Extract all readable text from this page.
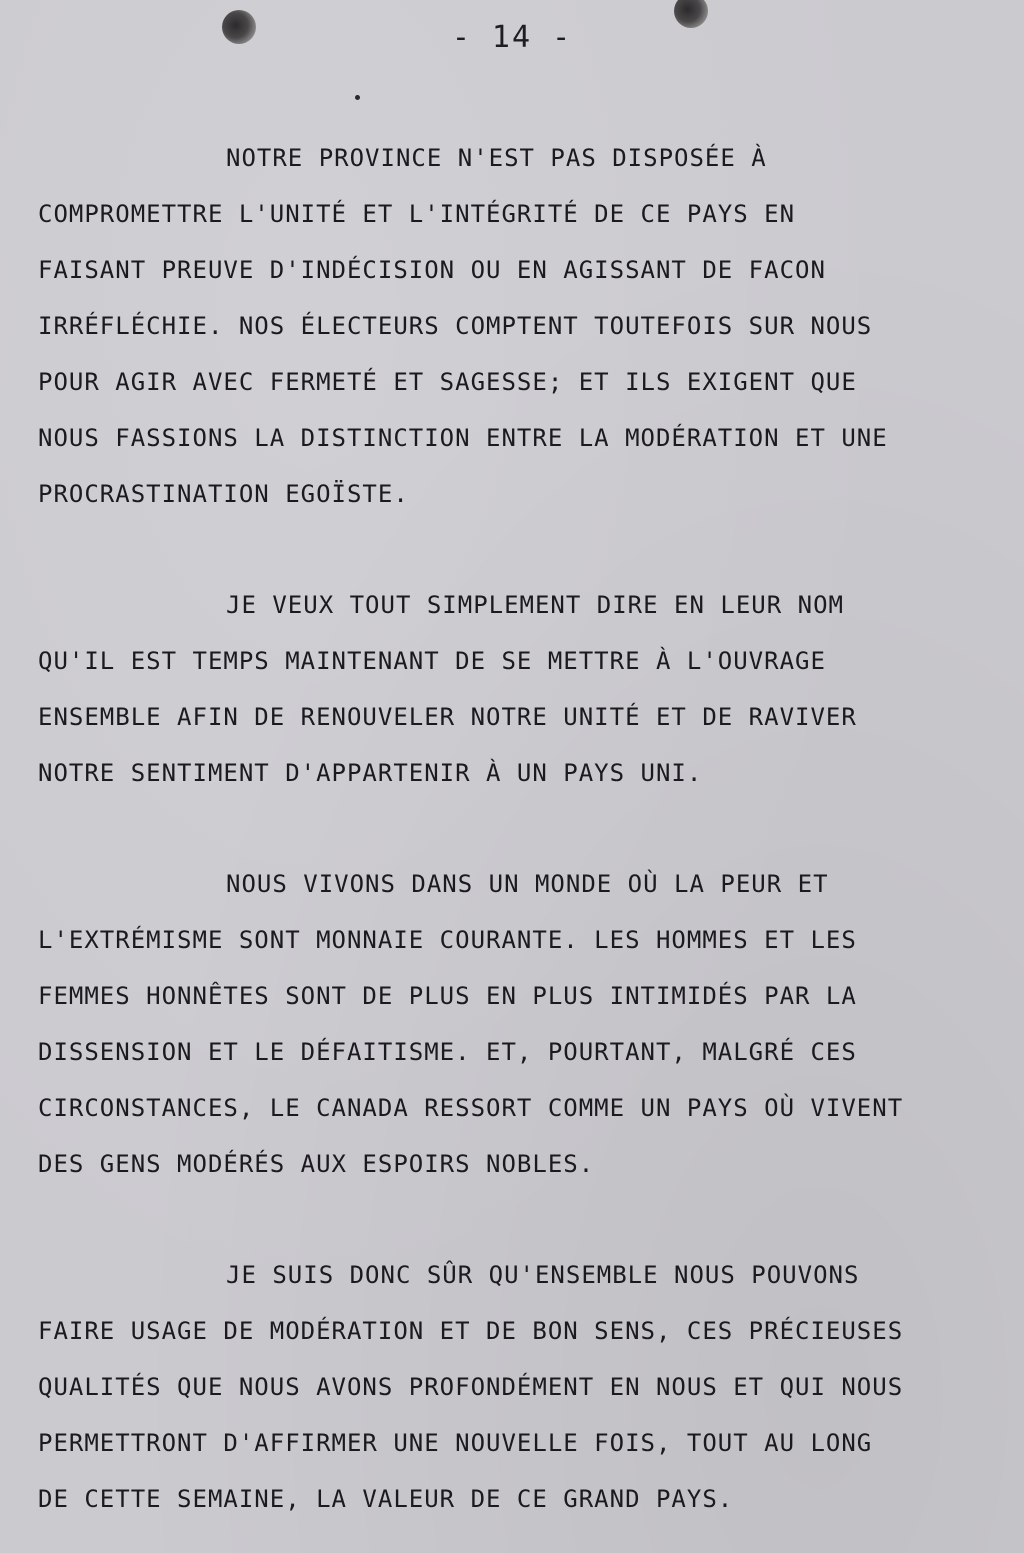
- 14 -
NOTRE PROVINCE N'EST PAS DISPOSÉE À
COMPROMETTRE L'UNITÉ ET L'INTÉGRITÉ DE CE PAYS EN
FAISANT PREUVE D'INDÉCISION OU EN AGISSANT DE FACON
IRRÉFLÉCHIE. NOS ÉLECTEURS COMPTENT TOUTEFOIS SUR NOUS
POUR AGIR AVEC FERMETÉ ET SAGESSE; ET ILS EXIGENT QUE
NOUS FASSIONS LA DISTINCTION ENTRE LA MODÉRATION ET UNE
PROCRASTINATION EGOÏSTE.
JE VEUX TOUT SIMPLEMENT DIRE EN LEUR NOM
QU'IL EST TEMPS MAINTENANT DE SE METTRE À L'OUVRAGE
ENSEMBLE AFIN DE RENOUVELER NOTRE UNITÉ ET DE RAVIVER
NOTRE SENTIMENT D'APPARTENIR À UN PAYS UNI.
NOUS VIVONS DANS UN MONDE OÙ LA PEUR ET
L'EXTRÉMISME SONT MONNAIE COURANTE. LES HOMMES ET LES
FEMMES HONNÊTES SONT DE PLUS EN PLUS INTIMIDÉS PAR LA
DISSENSION ET LE DÉFAITISME. ET, POURTANT, MALGRÉ CES
CIRCONSTANCES, LE CANADA RESSORT COMME UN PAYS OÙ VIVENT
DES GENS MODÉRÉS AUX ESPOIRS NOBLES.
JE SUIS DONC SÛR QU'ENSEMBLE NOUS POUVONS
FAIRE USAGE DE MODÉRATION ET DE BON SENS, CES PRÉCIEUSES
QUALITÉS QUE NOUS AVONS PROFONDÉMENT EN NOUS ET QUI NOUS
PERMETTRONT D'AFFIRMER UNE NOUVELLE FOIS, TOUT AU LONG
DE CETTE SEMAINE, LA VALEUR DE CE GRAND PAYS.
